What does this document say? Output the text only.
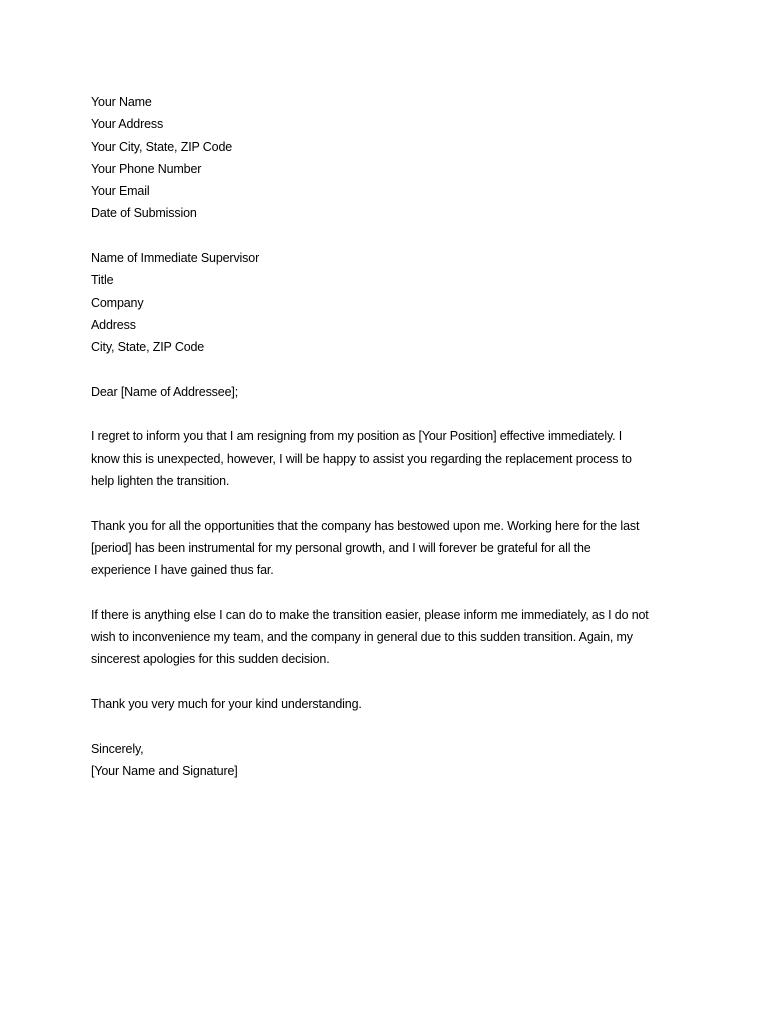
Your Name
Your Address
Your City, State, ZIP Code
Your Phone Number
Your Email
Date of Submission
Name of Immediate Supervisor
Title
Company
Address
City, State, ZIP Code
Dear [Name of Addressee];
I regret to inform you that I am resigning from my position as [Your Position] effective immediately. I
know this is unexpected, however, I will be happy to assist you regarding the replacement process to
help lighten the transition.
Thank you for all the opportunities that the company has bestowed upon me. Working here for the last
[period] has been instrumental for my personal growth, and I will forever be grateful for all the
experience I have gained thus far.
If there is anything else I can do to make the transition easier, please inform me immediately, as I do not
wish to inconvenience my team, and the company in general due to this sudden transition. Again, my
sincerest apologies for this sudden decision.
Thank you very much for your kind understanding.
Sincerely,
[Your Name and Signature]
